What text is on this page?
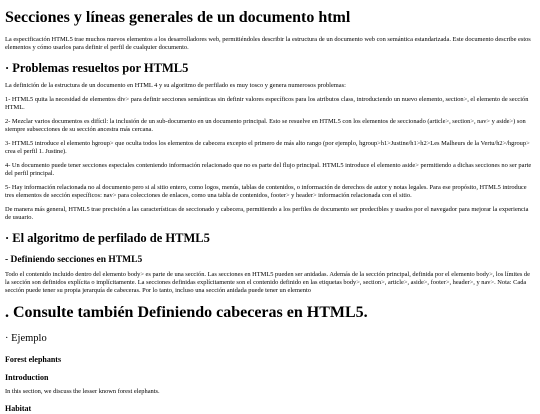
Secciones y líneas generales de un documento html

La especificación HTML5 trae muchos nuevos elementos a los desarrolladores web, permitiéndoles describir la estructura de un documento web con semántica estandarizada. Este documento describe estos elementos y cómo usarlos para definir el perfil de cualquier documento.

· Problemas resueltos por HTML5

La definición de la estructura de un documento en HTML 4 y su algoritmo de perfilado es muy tosco y genera numerosos problemas:

1- HTML5 quita la necesidad de elementos div> para definir secciones semánticas sin definir valores específicos para los atributos class, introduciendo un nuevo elemento, section>, el elemento de sección HTML.

2- Mezclar varios documentos es difícil: la inclusión de un sub-documento en un documento principal. Esto se resuelve en HTML5 con los elementos de seccionado (article>, section>, nav> y aside>) son siempre subsecciones de su sección ancestra más cercana.

3- HTML5 introduce el elemento hgroup> que oculta todos los elementos de cabecera excepto el primero de más alto rango (por ejemplo, hgroup>h1>Justine/h1>h2>Les Malheurs de la Vertu/h2>/hgroup> crea el perfil 1. Justine).

4- Un documento puede tener secciones especiales conteniendo información relacionado que no es parte del flujo principal. HTML5 introduce el elemento aside> permitiendo a dichas secciones no ser parte del perfil principal.

5- Hay información relacionada no al documento pero si al sitio entero, como logos, menús, tablas de contenidos, o información de derechos de autor y notas legales. Para ese propósito, HTML5 introduce tres elementos de sección específicos: nav> para colecciones de enlaces, como una tabla de contenidos, footer> y header> información relacionada con el sitio.

De manera más general, HTML5 trae precisión a las características de seccionado y cabecera, permitiendo a los perfiles de documento ser predecibles y usados por el navegador para mejorar la experiencia de usuario.

· El algoritmo de perfilado de HTML5
- Definiendo secciones en HTML5

Todo el contenido incluido dentro del elemento body> es parte de una sección. Las secciones en HTML5 pueden ser anidadas. Además de la sección principal, definida por el elemento body>, los límites de la sección son definidos explícita o implícitamente. La secciones definidas explícitamente son el contenido definido en las etiquetas body>, section>, article>, aside>, footer>, header>, y nav>. Nota: Cada sección puede tener su propia jerarquía de cabeceras. Por lo tanto, incluso una sección anidada puede tener un elemento

. Consulte también Definiendo cabeceras en HTML5.
· Ejemplo
Forest elephants
Introduction

In this section, we discuss the lesser known forest elephants.

Habitat
